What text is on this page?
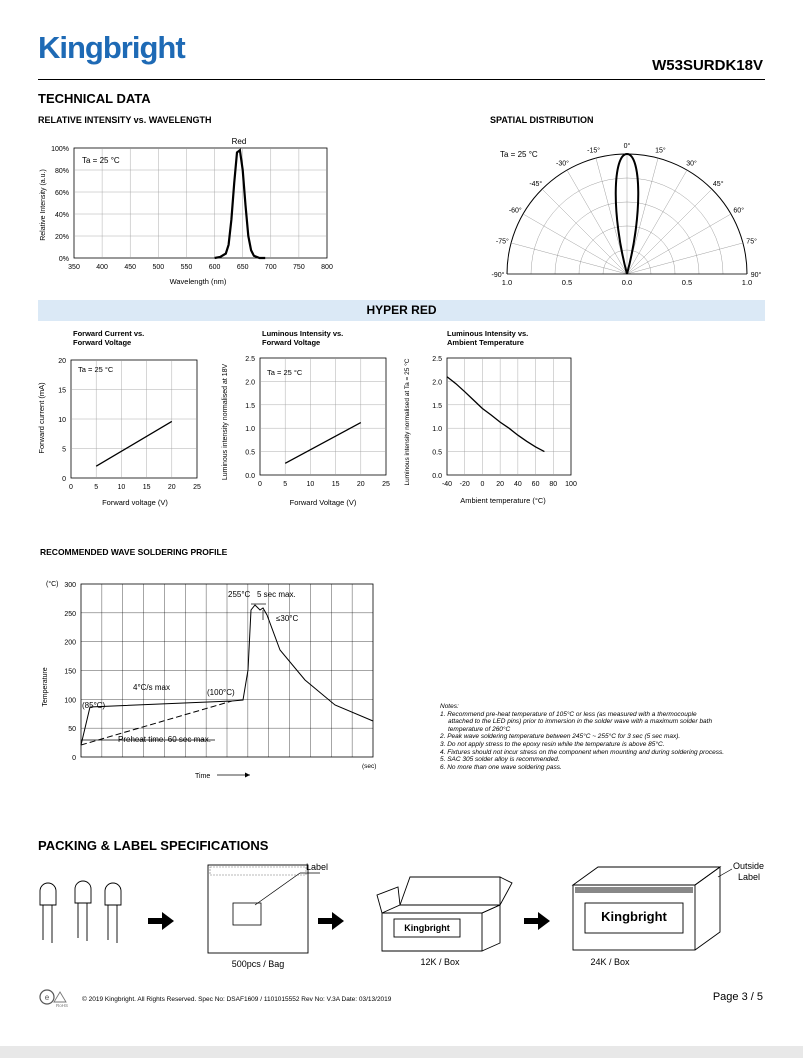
Kingbright
W53SURDK18V
TECHNICAL DATA
RELATIVE INTENSITY vs. WAVELENGTH	SPATIAL DISTRIBUTION
350 400 450 500 550 600 650 700 750 800
0%
20%
40%
60%
80%
100%
Ta = 25 °C
Red
Wavelength (nm)
Relative Intensity (a.u.)
0°
15°
30°
45°
60°
75°
90°
-15°
-30°
-45°
-60°
-75°
-90°
1.0	0.5	0.0	0.5	1.0
Ta = 25 °C
HYPER RED
Forward Current vs.
Forward Voltage
Luminous Intensity vs.
Forward Voltage
Luminous Intensity vs.
Ambient Temperature
0	5	10 15 20 25
0
5
10
15
20
Ta = 25 °C
Forward voltage (V)
Forward current (mA)
0	5	10 15 20 25
0.0
0.5
1.0
1.5
2.0
2.5
Ta = 25 °C
Forward Voltage (V)
Luminous intensity normalised at 18V
-40 -20 0 20 40 60 80 100
0.0
0.5
1.0
1.5
2.0
2.5
Ambient temperature (°C)
Luminous intensity normalised at Ta = 25 °C
RECOMMENDED WAVE SOLDERING PROFILE
0
50
100
150
200
250
300
(°C)
(sec)
Temperature
Time
255°C 5 sec max.
≤30°C
4°C/s max
(100°C)
(85°C)
Preheat time: 60 sec max.
Notes:
1. Recommend pre-heat temperature of 105°C or less (as measured with a thermocouple
attached to the LED pins) prior to immersion in the solder wave with a maximum solder bath
temperature of 260°C
2. Peak wave soldering temperature between 245°C ~ 255°C for 3 sec (5 sec max).
3. Do not apply stress to the epoxy resin while the temperature is above 85°C.
4. Fixtures should not incur stress on the component when mounting and during soldering process.
5. SAC 305 solder alloy is recommended.
6. No more than one wave soldering pass.
PACKING & LABEL SPECIFICATIONS
Label
500pcs / Bag
Kingbright
12K / Box
Kingbright
Outside
Label
24K / Box
e
RoHS
© 2019 Kingbright. All Rights Reserved. Spec No: DSAF1609 / 1101015552 Rev No: V.3A Date: 03/13/2019	Page 3 / 5
